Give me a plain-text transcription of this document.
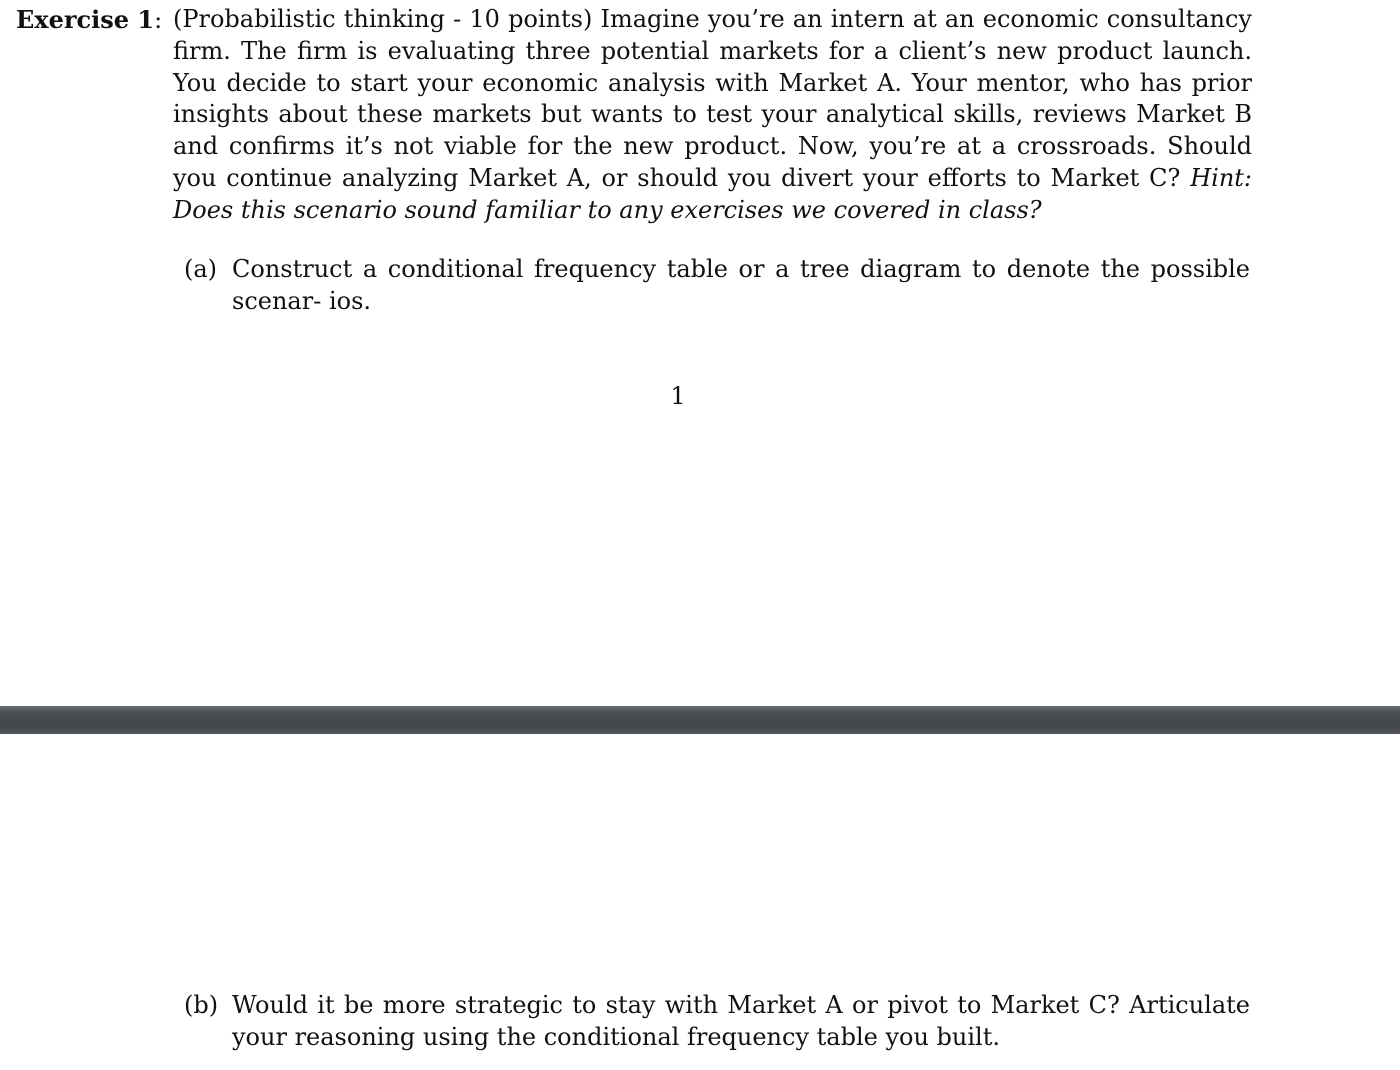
Exercise 1: (Probabilistic thinking - 10 points) Imagine you’re an intern at an economic consultancy firm. The firm is evaluating three potential markets for a client’s new product launch. You decide to start your economic analysis with Market A. Your mentor, who has prior insights about these markets but wants to test your analytical skills, reviews Market B and confirms it’s not viable for the new product. Now, you’re at a crossroads. Should you continue analyzing Market A, or should you divert your efforts to Market C? Hint: Does this scenario sound familiar to any exercises we covered in class?
(a) Construct a conditional frequency table or a tree diagram to denote the possible scenar- ios.
1
(b) Would it be more strategic to stay with Market A or pivot to Market C? Articulate your reasoning using the conditional frequency table you built.
